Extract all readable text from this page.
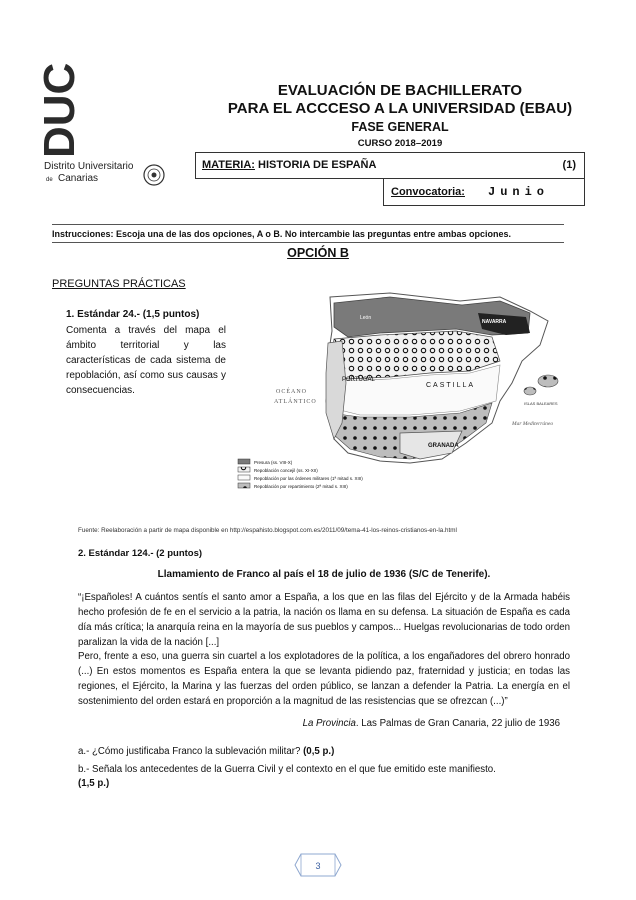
DUC
Distrito Universitario
de Canarias
EVALUACIÓN DE BACHILLERATO
PARA EL ACCCESO A LA UNIVERSIDAD (EBAU)
FASE GENERAL
CURSO 2018–2019
MATERIA: HISTORIA DE ESPAÑA	(1)
Convocatoria: Junio
Instrucciones: Escoja una de las dos opciones, A o B. No intercambie las preguntas entre ambas opciones.
OPCIÓN B
PREGUNTAS PRÁCTICAS
1. Estándar 24.- (1,5 puntos)
Comenta a través del mapa el ámbito territorial y las características de cada sistema de repoblación, así como sus causas y consecuencias.
PORTUGAL
OCÉANO
ATLÁNTICO
CASTILLA
GRANADA
NAVARRA
León
Mar Mediterráneo
ISLAS BALEARES
Presura (ss. VIII-X)
Repoblación concejil (ss. XI-XII)
Repoblación por las órdenes militares (1ª mitad s. XIII)
Repoblación por repartimiento (2ª mitad s. XIII)
Fuente: Reelaboración a partir de mapa disponible en http://espahisto.blogspot.com.es/2011/09/tema-41-los-reinos-cristianos-en-la.html
2. Estándar 124.- (2 puntos)
Llamamiento de Franco al país el 18 de julio de 1936 (S/C de Tenerife).
“¡Españoles! A cuántos sentís el santo amor a España, a los que en las filas del Ejército y de la Armada habéis hecho profesión de fe en el servicio a la patria, la nación os llama en su defensa. La situación de España es cada día más crítica; la anarquía reina en la mayoría de sus pueblos y campos... Huelgas revolucionarias de todo orden paralizan la vida de la nación [...]
Pero, frente a eso, una guerra sin cuartel a los explotadores de la política, a los engañadores del obrero honrado (...) En estos momentos es España entera la que se levanta pidiendo paz, fraternidad y justicia; en todas las regiones, el Ejército, la Marina y las fuerzas del orden público, se lanzan a defender la Patria. La energía en el sostenimiento del orden estará en proporción a la magnitud de las resistencias que se ofrezcan (...)”
La Provincia. Las Palmas de Gran Canaria, 22 julio de 1936
a.- ¿Cómo justificaba Franco la sublevación militar? (0,5 p.)
b.- Señala los antecedentes de la Guerra Civil y el contexto en el que fue emitido este manifiesto.
(1,5 p.)
3
